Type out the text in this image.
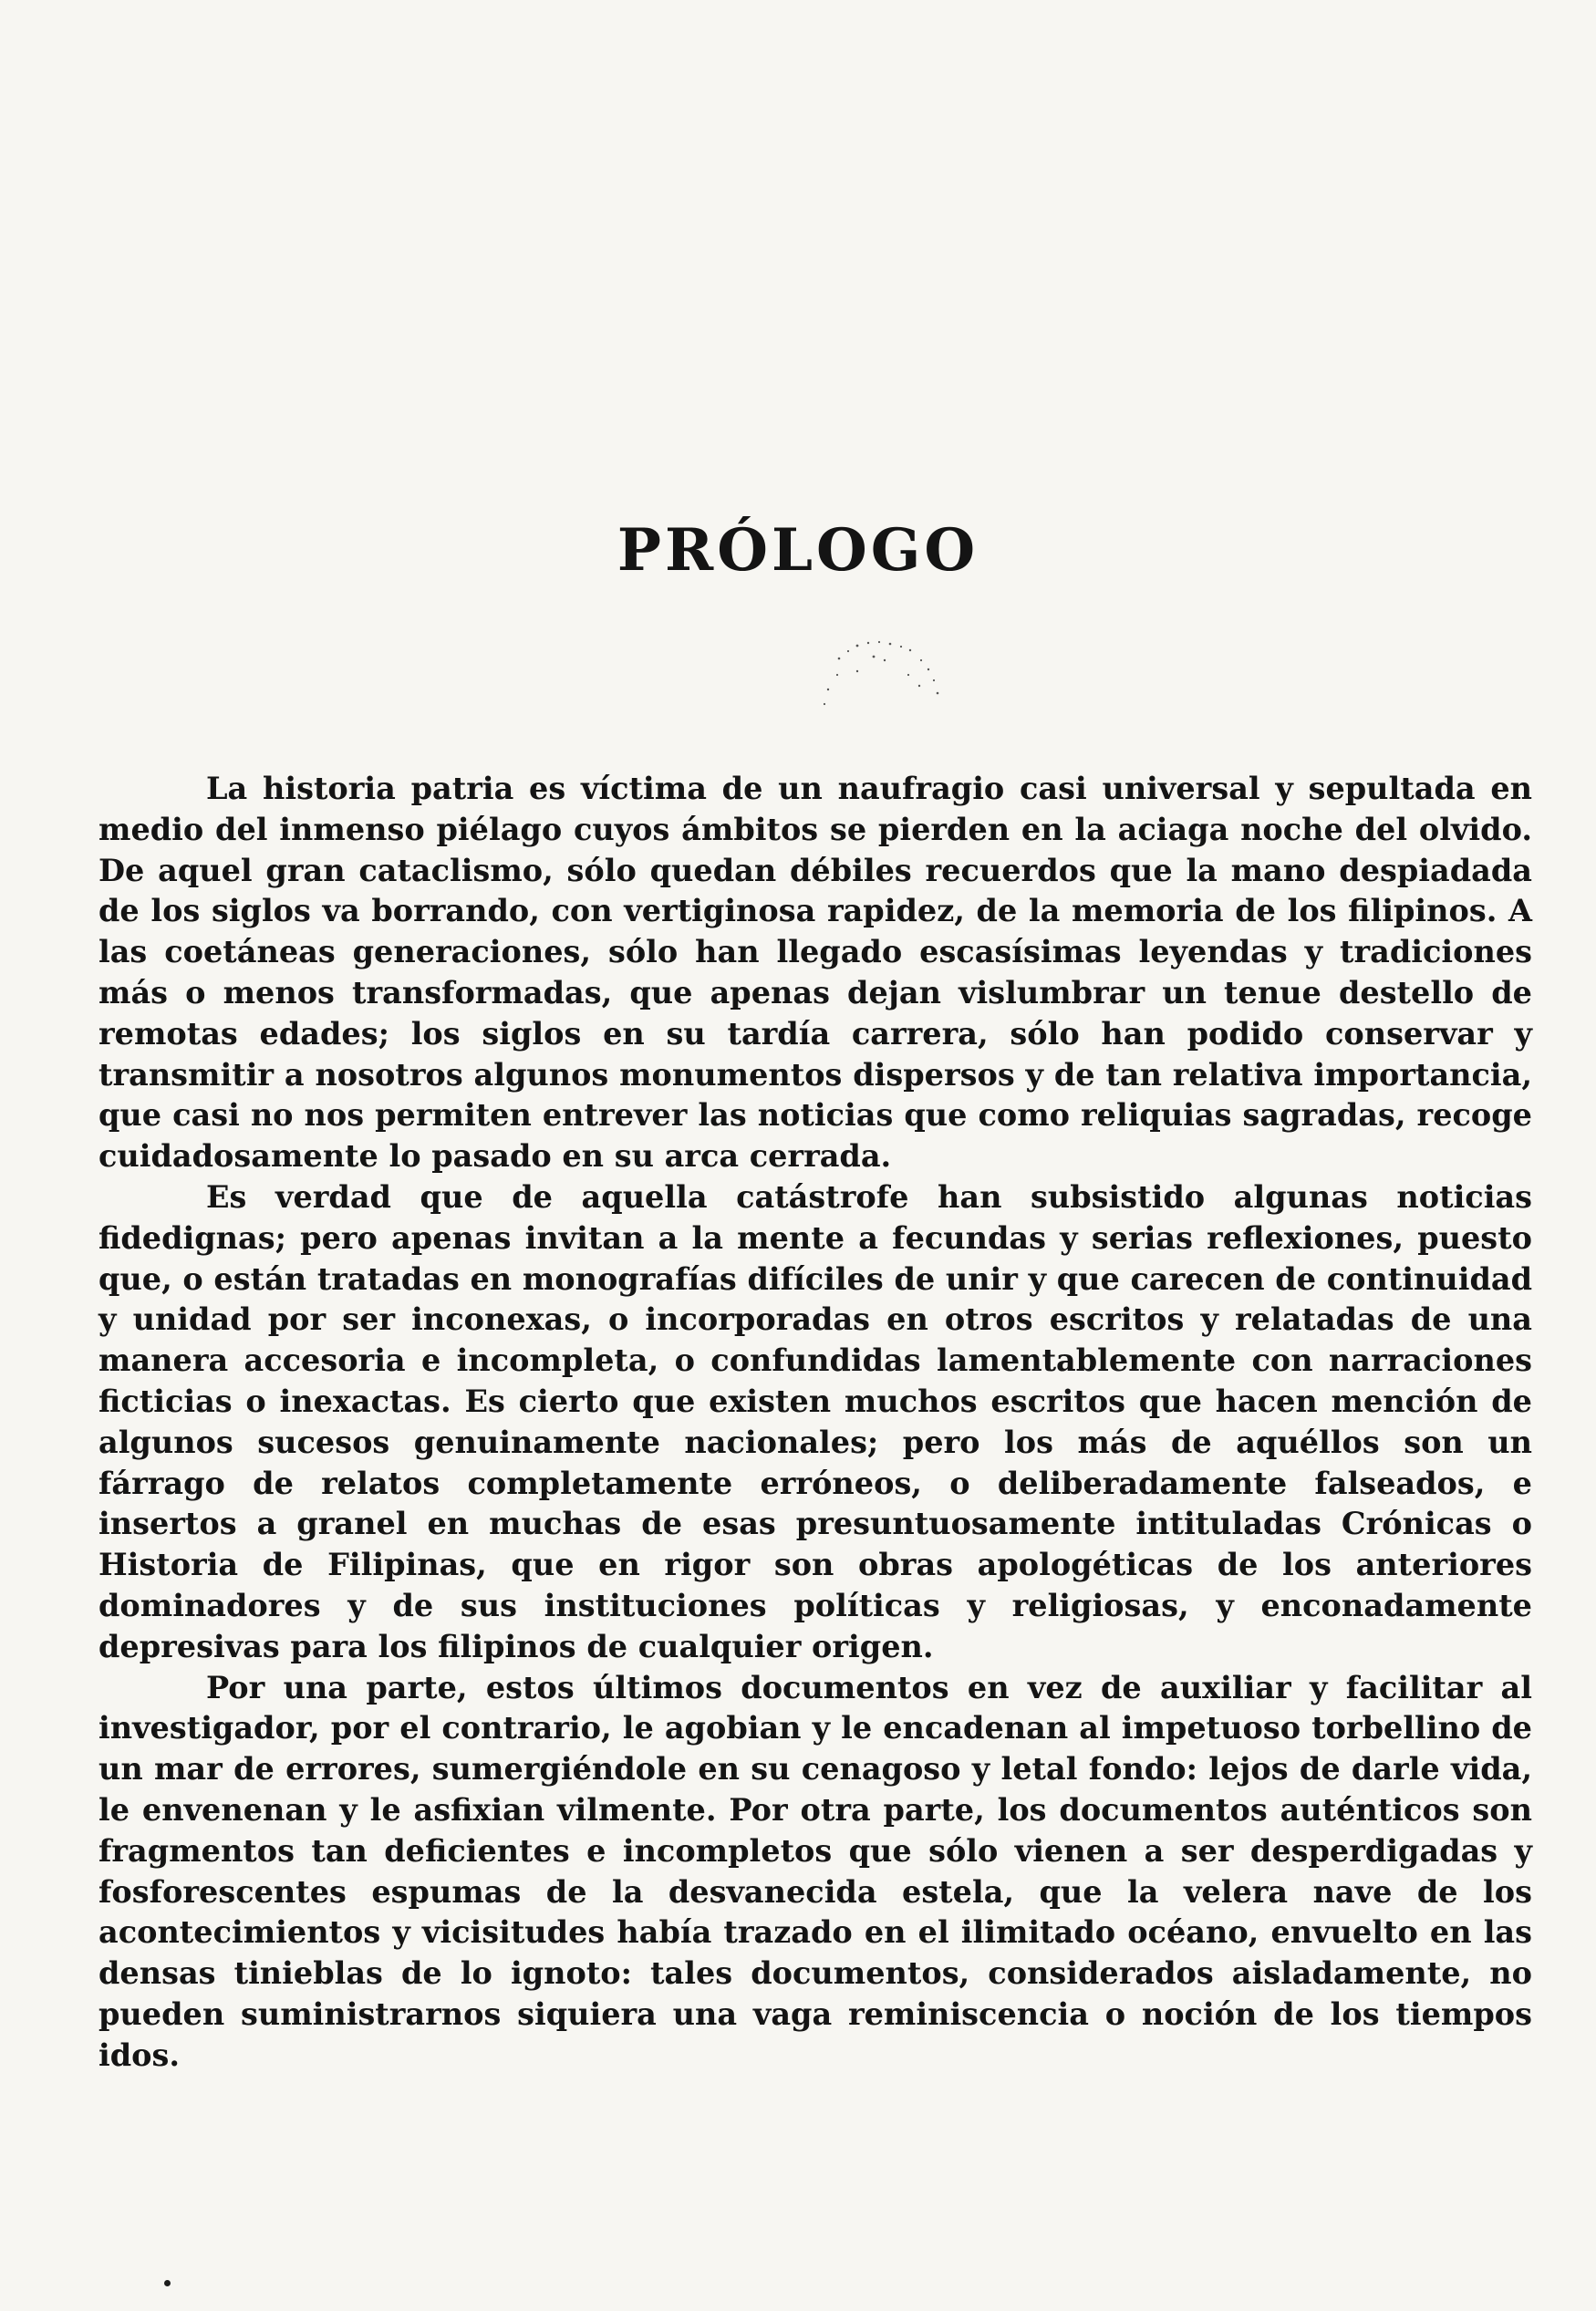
PRÓLOGO

La historia patria es víctima de un naufragio casi universal y sepultada en medio del inmenso piélago cuyos ámbitos se pierden en la aciaga noche del olvido. De aquel gran cataclismo, sólo quedan débiles recuerdos que la mano despiadada de los siglos va borrando, con vertiginosa rapidez, de la memoria de los filipinos. A las coetáneas generaciones, sólo han llegado escasísimas leyendas y tradiciones más o menos transformadas, que apenas dejan vislumbrar un tenue destello de remotas edades; los siglos en su tardía carrera, sólo han podido conservar y transmitir a nosotros algunos monumentos dispersos y de tan relativa importancia, que casi no nos permiten entrever las noticias que como reliquias sagradas, recoge cuidadosamente lo pasado en su arca cerrada.

Es verdad que de aquella catástrofe han subsistido algunas noticias fidedignas; pero apenas invitan a la mente a fecundas y serias reflexiones, puesto que, o están tratadas en monografías difíciles de unir y que carecen de continuidad y unidad por ser inconexas, o incorporadas en otros escritos y relatadas de una manera accesoria e incompleta, o confundidas lamentablemente con narraciones ficticias o inexactas. Es cierto que existen muchos escritos que hacen mención de algunos sucesos genuinamente nacionales; pero los más de aquéllos son un fárrago de relatos completamente erróneos, o deliberadamente falseados, e insertos a granel en muchas de esas presuntuosamente intituladas Crónicas o Historia de Filipinas, que en rigor son obras apologéticas de los anteriores dominadores y de sus instituciones políticas y religiosas, y enconadamente depresivas para los filipinos de cualquier origen.

Por una parte, estos últimos documentos en vez de auxiliar y facilitar al investigador, por el contrario, le agobian y le encadenan al impetuoso torbellino de un mar de errores, sumergiéndole en su cenagoso y letal fondo: lejos de darle vida, le envenenan y le asfixian vilmente. Por otra parte, los documentos auténticos son fragmentos tan deficientes e incompletos que sólo vienen a ser desperdigadas y fosforescentes espumas de la desvanecida estela, que la velera nave de los acontecimientos y vicisitudes había trazado en el ilimitado océano, envuelto en las densas tinieblas de lo ignoto: tales documentos, considerados aisladamente, no pueden suministrarnos siquiera una vaga reminiscencia o noción de los tiempos idos.
